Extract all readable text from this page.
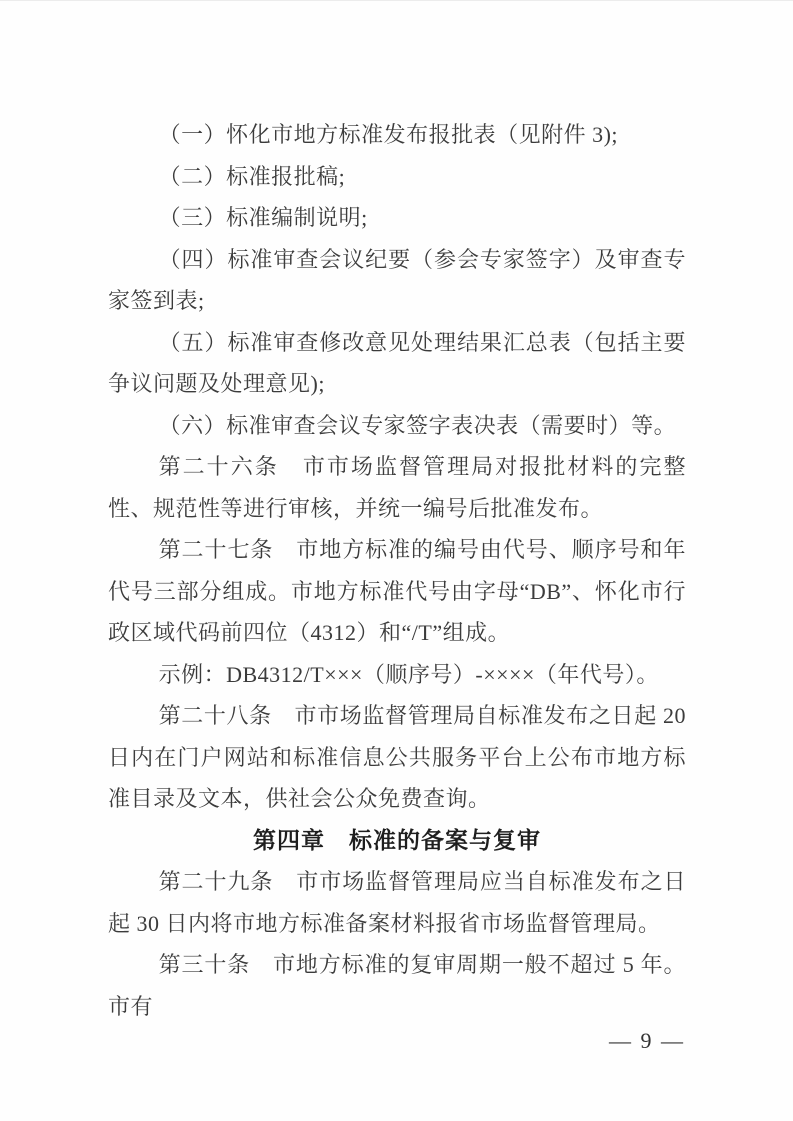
（一）怀化市地方标准发布报批表（见附件 3);

（二）标准报批稿;

（三）标准编制说明;

（四）标准审查会议纪要（参会专家签字）及审查专家签到表;

（五）标准审查修改意见处理结果汇总表（包括主要争议问题及处理意见);

（六）标准审查会议专家签字表决表（需要时）等。

第二十六条　市市场监督管理局对报批材料的完整性、规范性等进行审核，并统一编号后批准发布。

第二十七条　市地方标准的编号由代号、顺序号和年代号三部分组成。市地方标准代号由字母“DB”、怀化市行政区域代码前四位（4312）和“/T”组成。

示例：DB4312/T×××（顺序号）-××××（年代号）。

第二十八条　市市场监督管理局自标准发布之日起 20 日内在门户网站和标准信息公共服务平台上公布市地方标准目录及文本，供社会公众免费查询。

第四章　标准的备案与复审

第二十九条　市市场监督管理局应当自标准发布之日起 30 日内将市地方标准备案材料报省市场监督管理局。

第三十条　市地方标准的复审周期一般不超过 5 年。市有

— 9 —
